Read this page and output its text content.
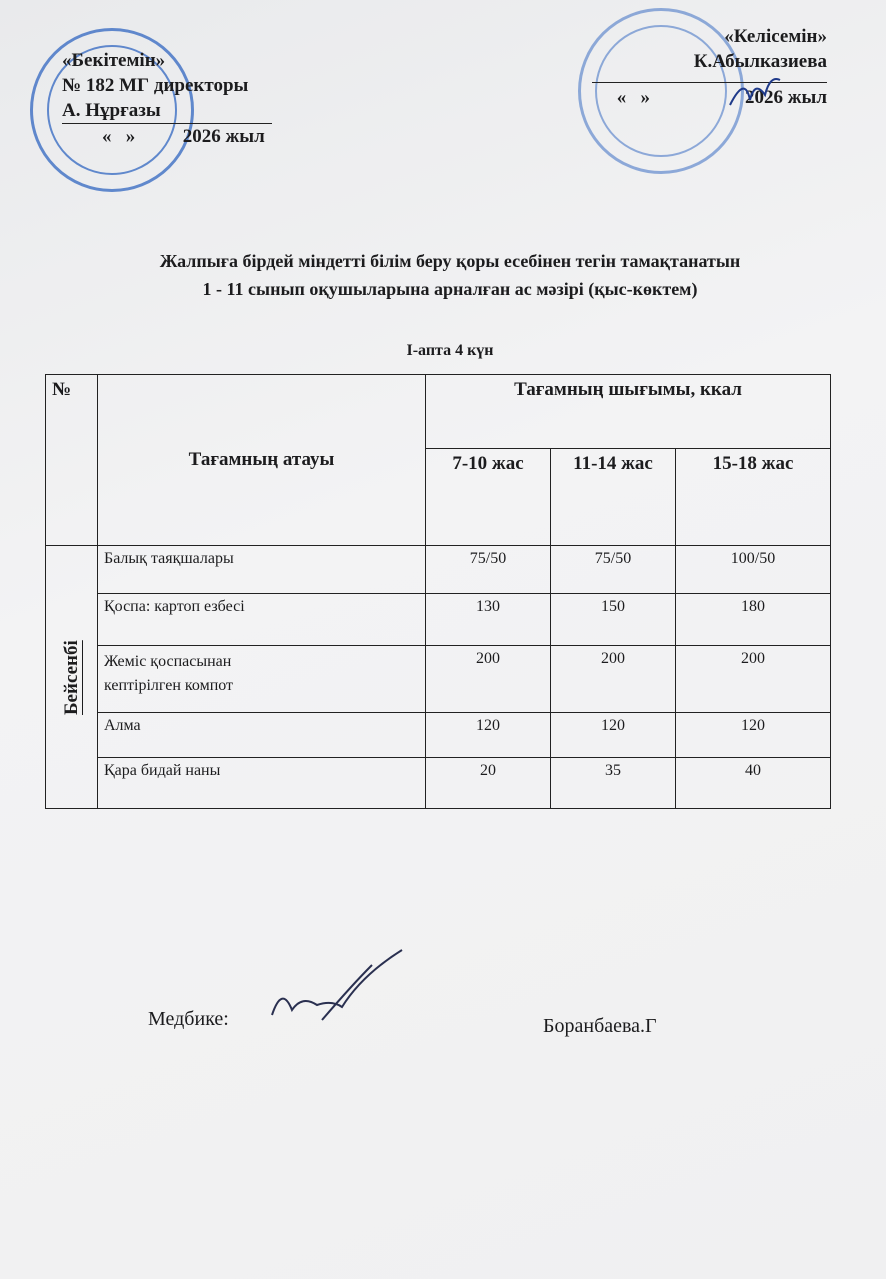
«Бекітемін»
№ 182 МГ директоры
А. Нұрғазы
«   »          2026 жыл
«Келісемін»
К.Абылказиева
«   »                    2026 жыл
Жалпыға бірдей міндетті білім беру қоры есебінен тегін тамақтанатын
1 - 11 сынып оқушыларына арналған ас мәзірі (қыс-көктем)
І-апта 4 күн
№	Тағамның атауы	Тағамның шығымы, ккал		
		7-10 жас	11-14 жас	15-18 жас
Бейсенбі	Балық таяқшалары	75/50	75/50	100/50
	Қоспа: картоп езбесі	130	150	180
	Жеміс қоспасынан кептірілген компот	200	200	200
	Алма	120	120	120
	Қара бидай наны	20	35	40
Медбике:	Боранбаева.Г
